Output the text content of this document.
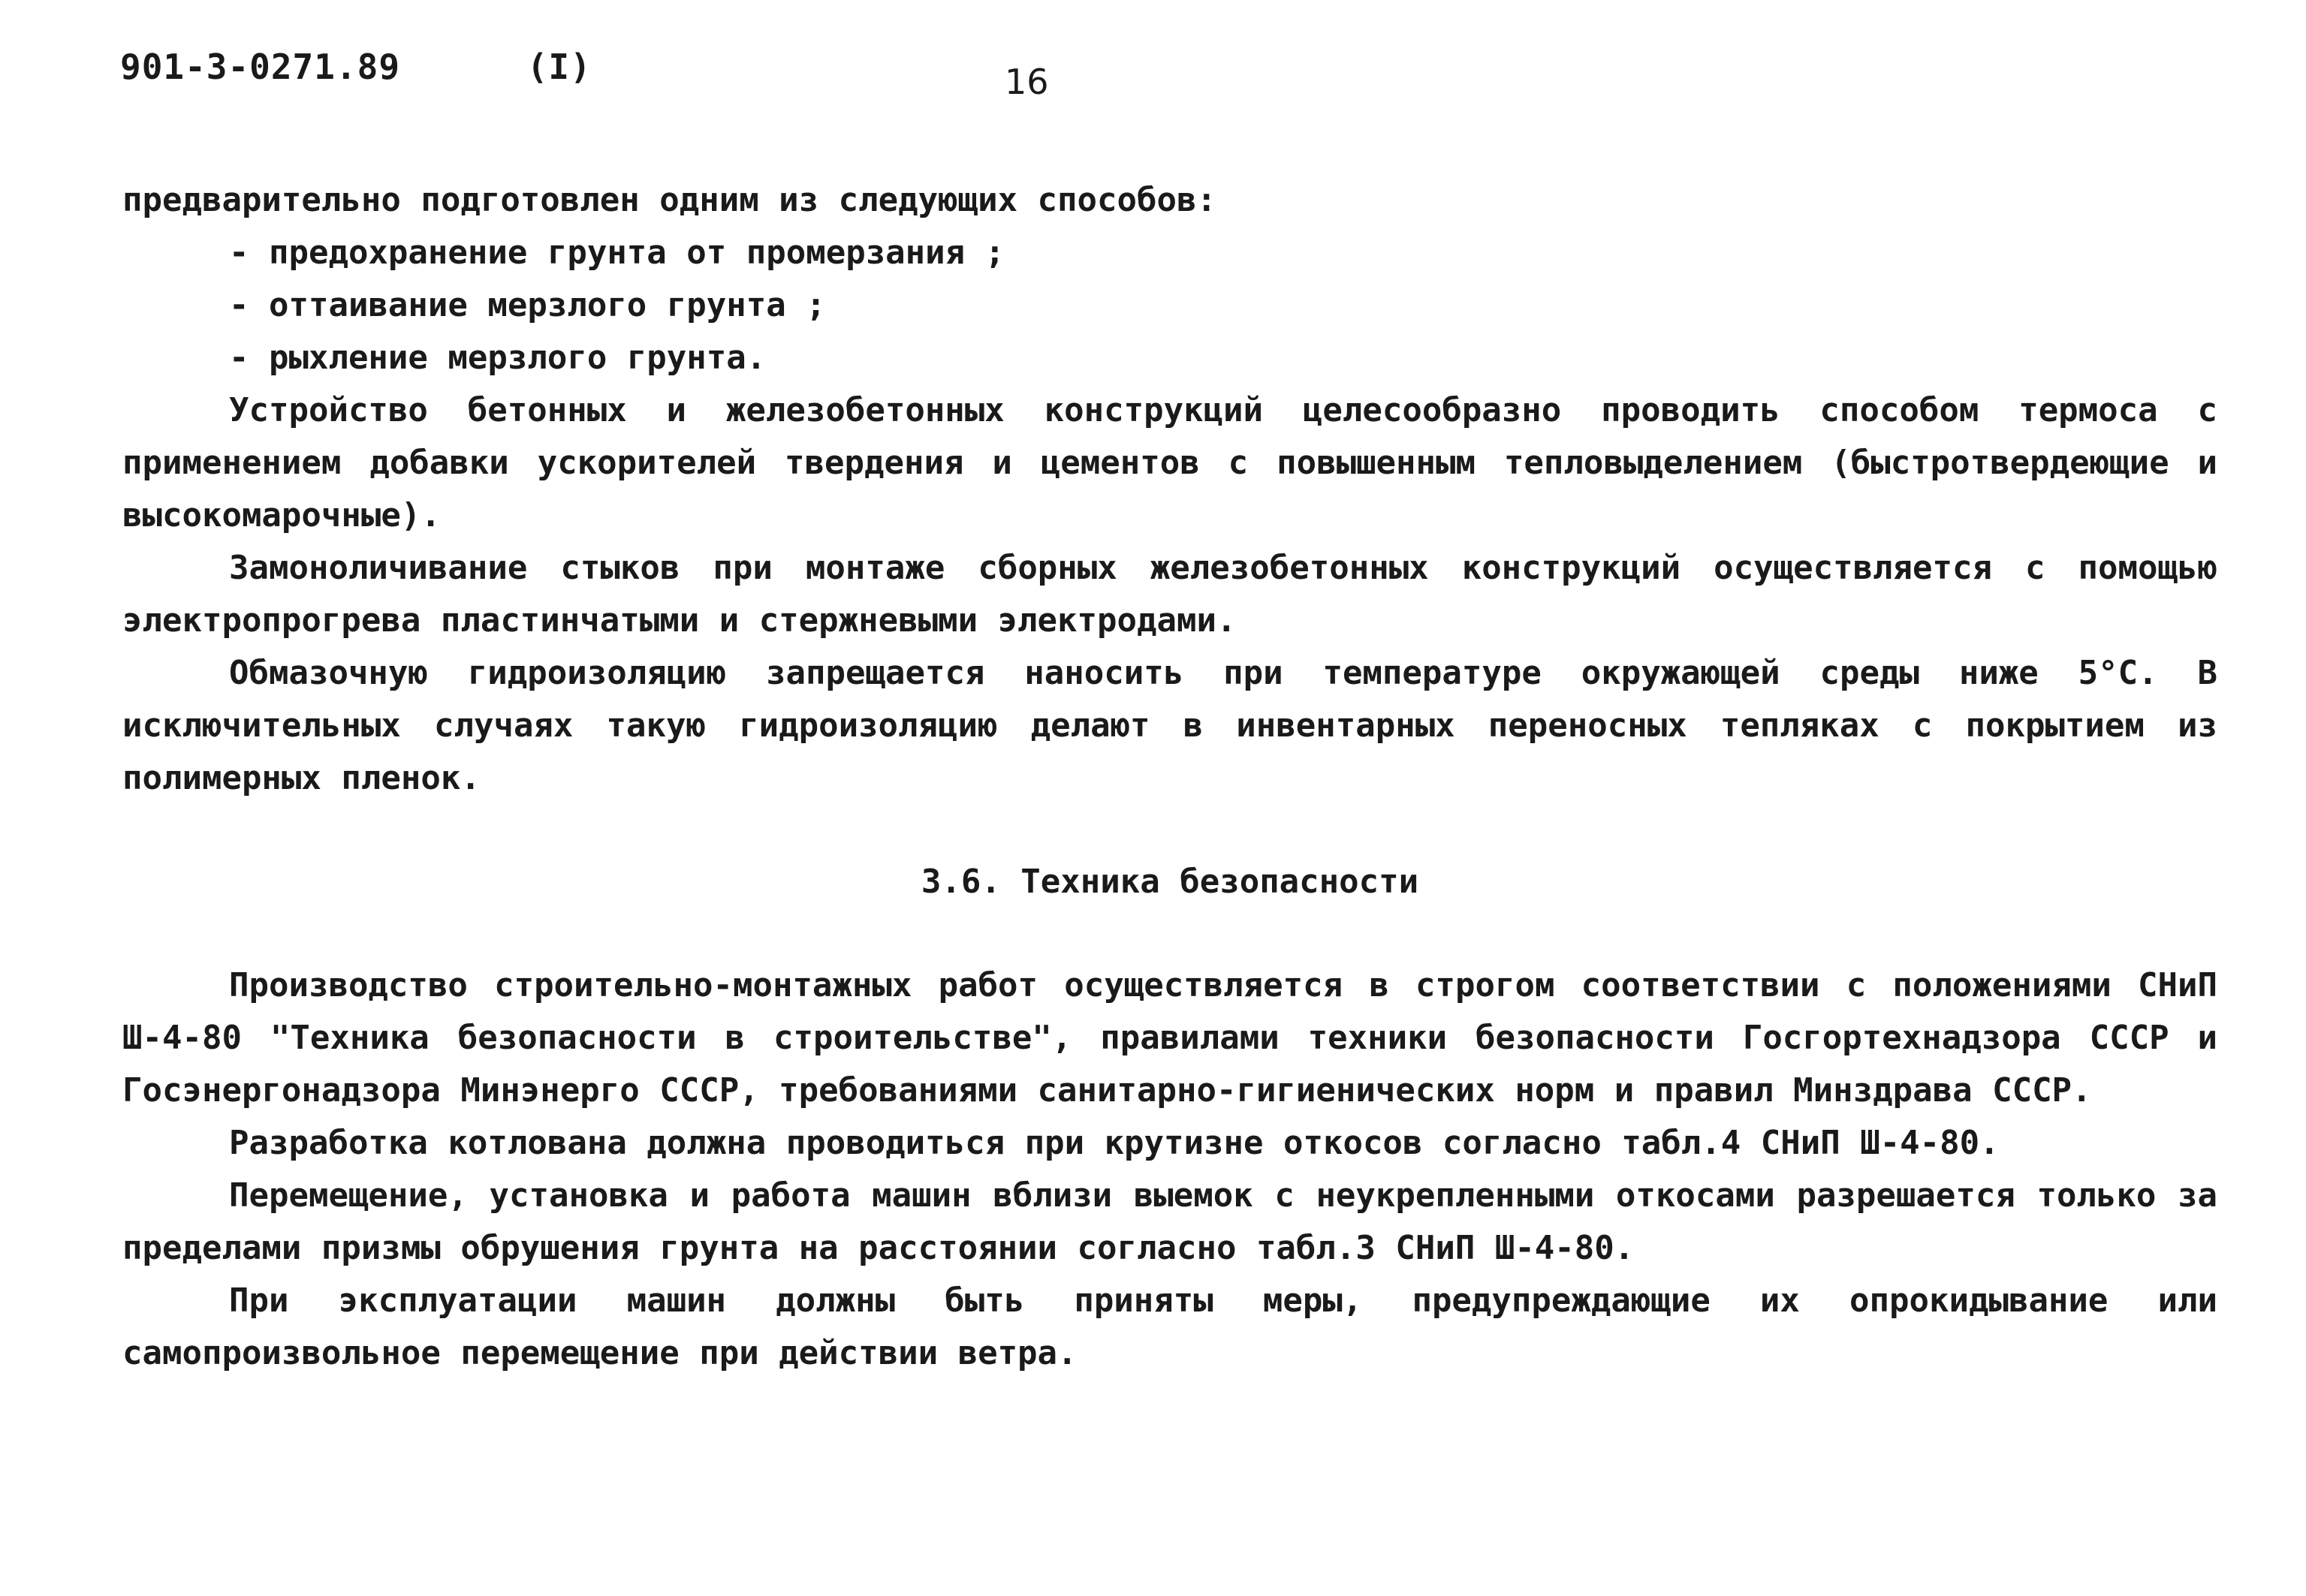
901-3-0271.89	(I)	16

предварительно подготовлен одним из следующих способов:

- предохранение грунта от промерзания ;

- оттаивание мерзлого грунта ;

- рыхление мерзлого грунта.

Устройство бетонных и железобетонных конструкций целесообразно проводить способом термоса с применением добавки ускорителей твердения и цементов с повышенным тепловыделением (быстротвердеющие и высокомарочные).

Замоноличивание стыков при монтаже сборных железобетонных конструкций осуществляется с помощью электропрогрева пластинчатыми и стержневыми электродами.

Обмазочную гидроизоляцию запрещается наносить при температуре окружающей среды ниже 5°С. В исключительных случаях такую гидроизоляцию делают в инвентарных переносных тепляках с покрытием из полимерных пленок.

3.6. Техника безопасности

Производство строительно-монтажных работ осуществляется в строгом соответствии с положениями СНиП Ш-4-80 "Техника безопасности в строительстве", правилами техники безопасности Госгортехнадзора СССР и Госэнергонадзора Минэнерго СССР, требованиями санитарно-гигиенических норм и правил Минздрава СССР.

Разработка котлована должна проводиться при крутизне откосов согласно табл.4 СНиП Ш-4-80.

Перемещение, установка и работа машин вблизи выемок с неукрепленными откосами разрешается только за пределами призмы обрушения грунта на расстоянии согласно табл.3 СНиП Ш-4-80.

При эксплуатации машин должны быть приняты меры, предупреждающие их опрокидывание или самопроизвольное перемещение при действии ветра.
